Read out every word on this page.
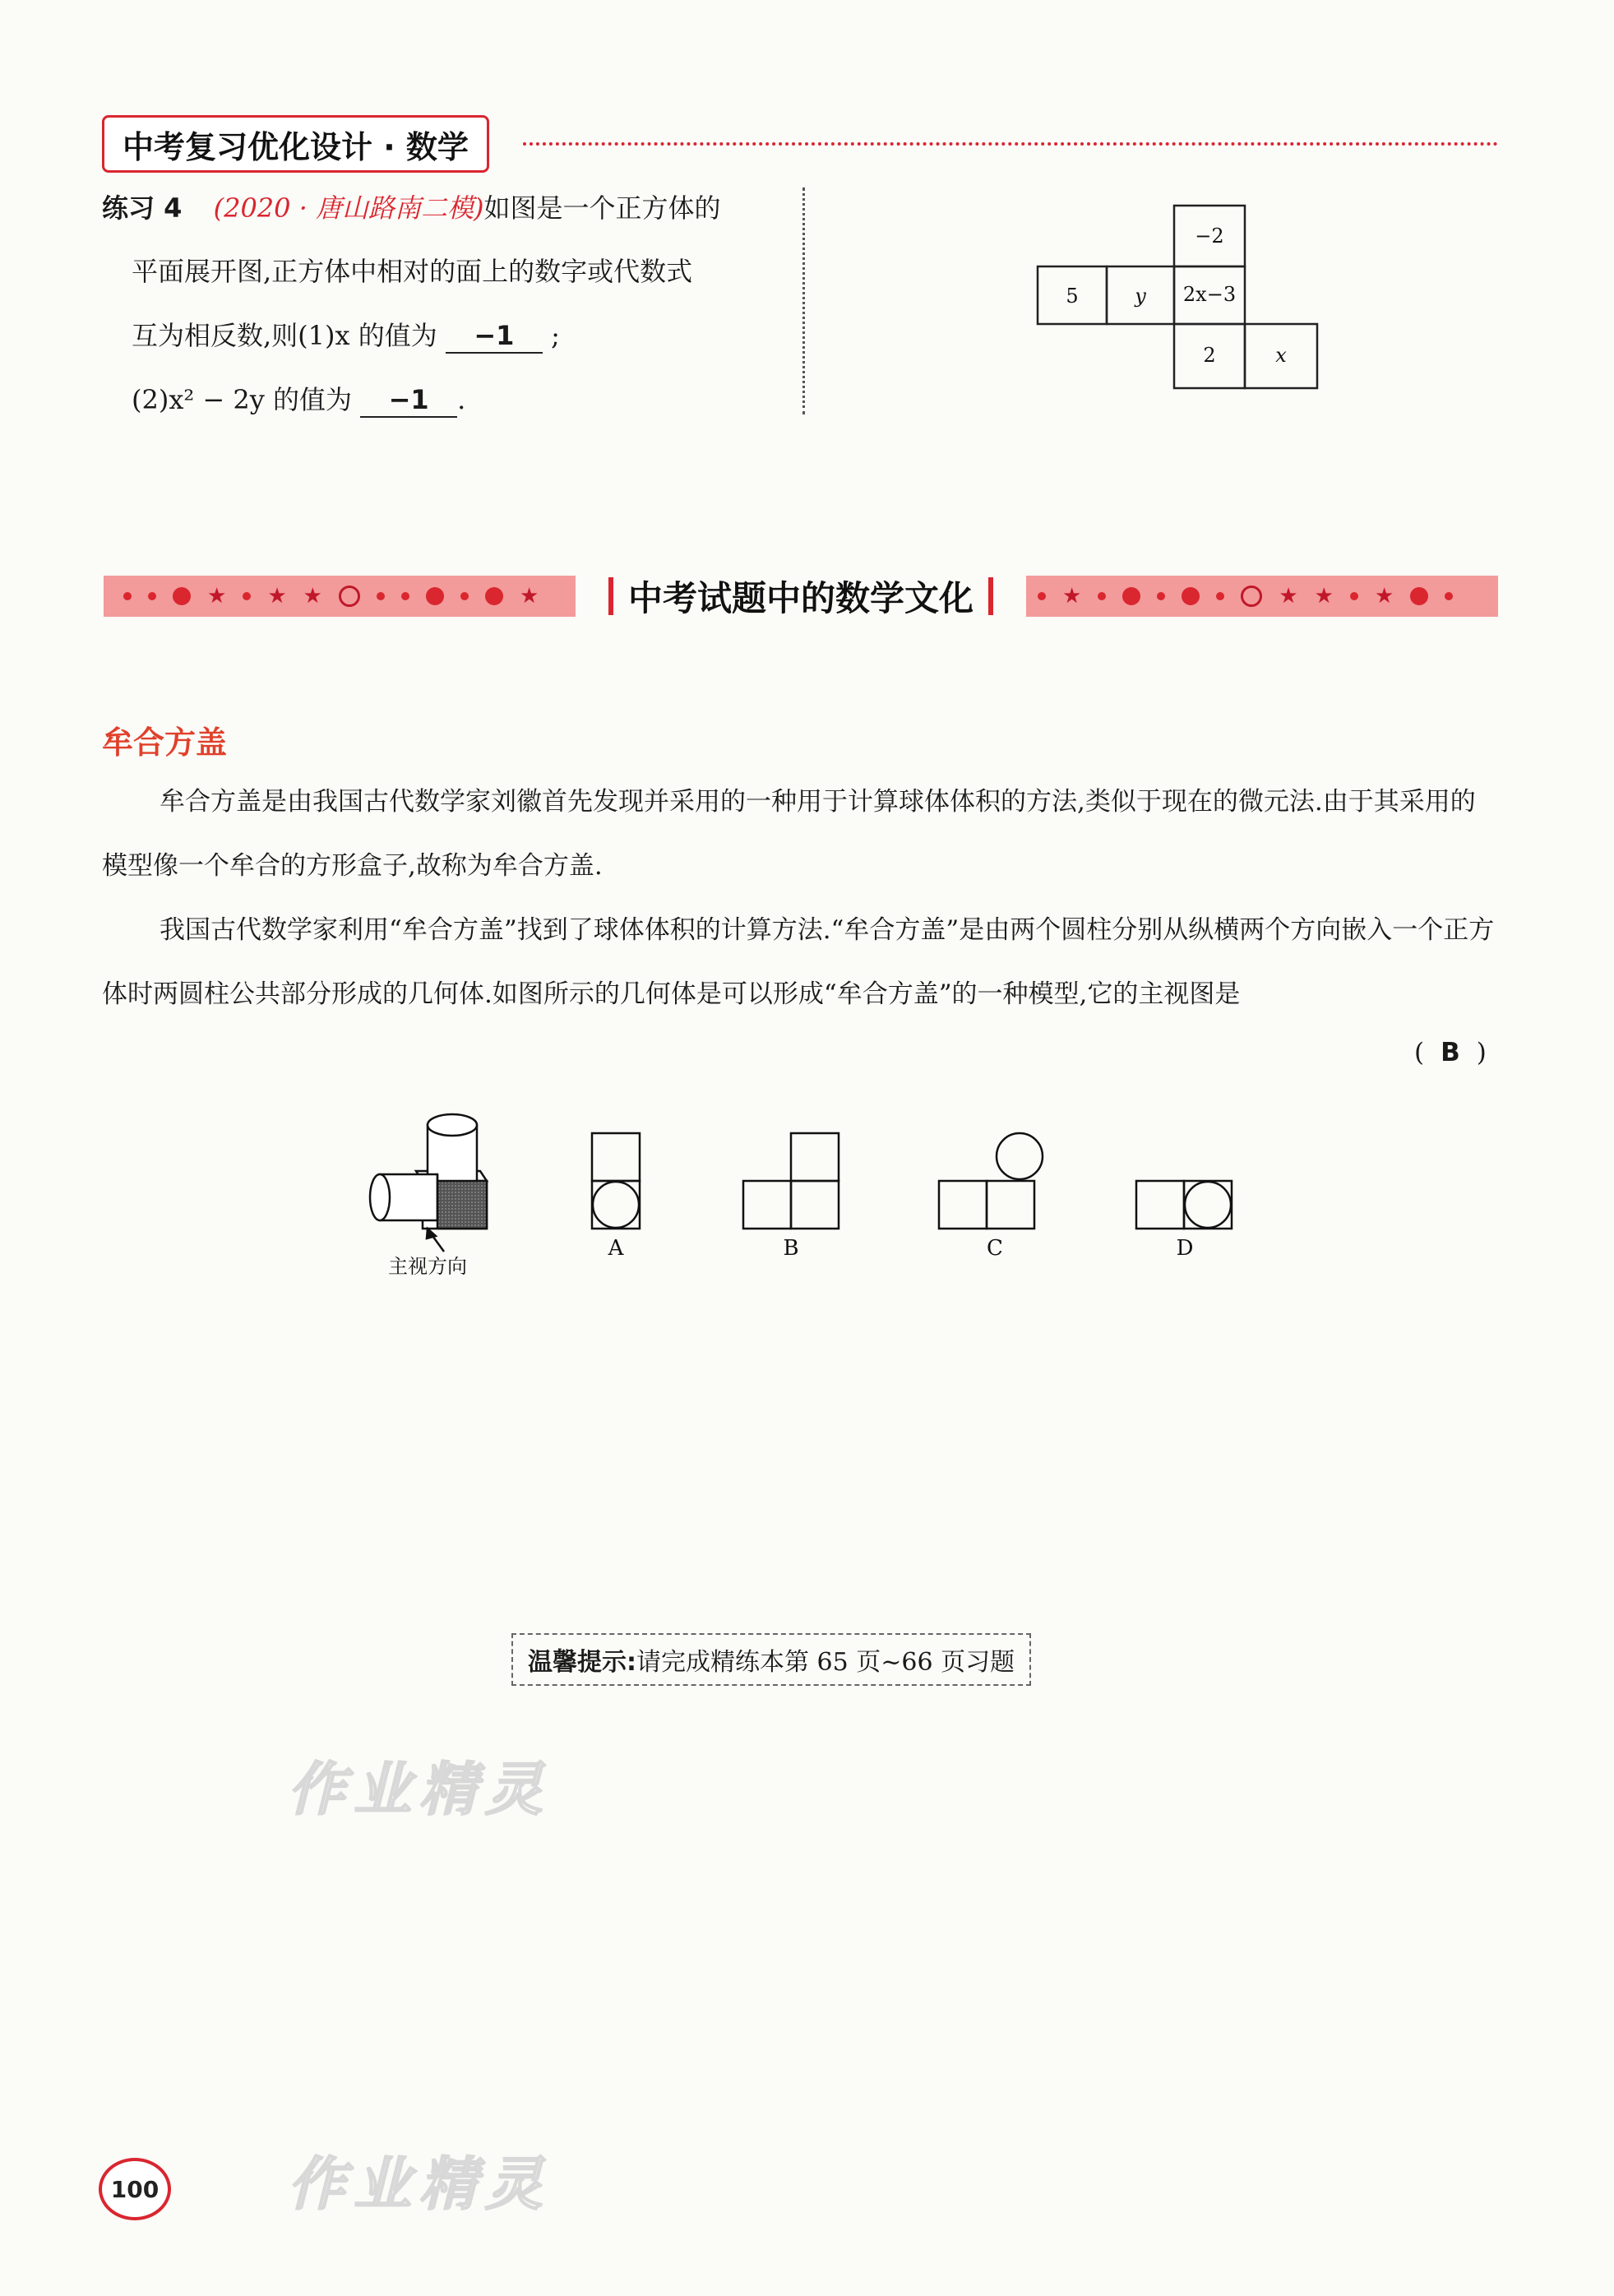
中考复习优化设计 · 数学
练习 4 (2020 · 唐山路南二模)如图是一个正方体的
平面展开图,正方体中相对的面上的数字或代数式
互为相反数,则(1)x 的值为 −1 ;
(2)x² − 2y 的值为 −1 .
−2
5	y 2x−3
2	x
★ ★ ★	★	★	★ ★ ★
中考试题中的数学文化
牟合方盖
牟合方盖是由我国古代数学家刘徽首先发现并采用的一种用于计算球体体积的方法,类似于现在的微元法.由于其采用的模型像一个牟合的方形盒子,故称为牟合方盖.
我国古代数学家利用“牟合方盖”找到了球体体积的计算方法.“牟合方盖”是由两个圆柱分别从纵横两个方向嵌入一个正方体时两圆柱公共部分形成的几何体.如图所示的几何体是可以形成“牟合方盖”的一种模型,它的主视图是
( B )
主视方向
A	B	C	D
温馨提示: 请完成精练本第 65 页~66 页习题
作业精灵
作业精灵
100
